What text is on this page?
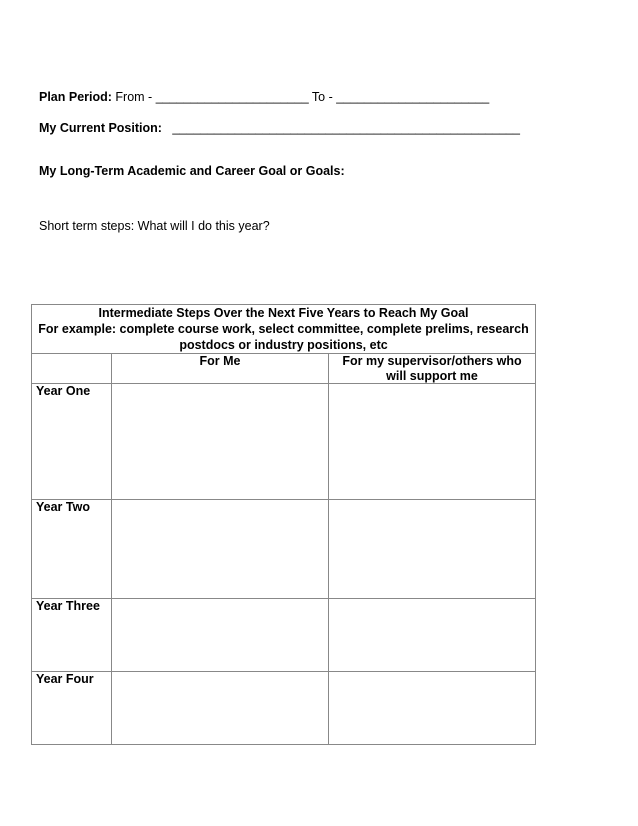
Plan Period: From - ______________________ To - ______________________
My Current Position: __________________________________________________
My Long-Term Academic and Career Goal or Goals:
Short term steps: What will I do this year?
Intermediate Steps Over the Next Five Years to Reach My Goal
For example: complete course work, select committee, complete prelims, research postdocs or industry positions, etc		

	For Me	For my supervisor/others who will support me
Year One		
Year Two		
Year Three		
Year Four		
